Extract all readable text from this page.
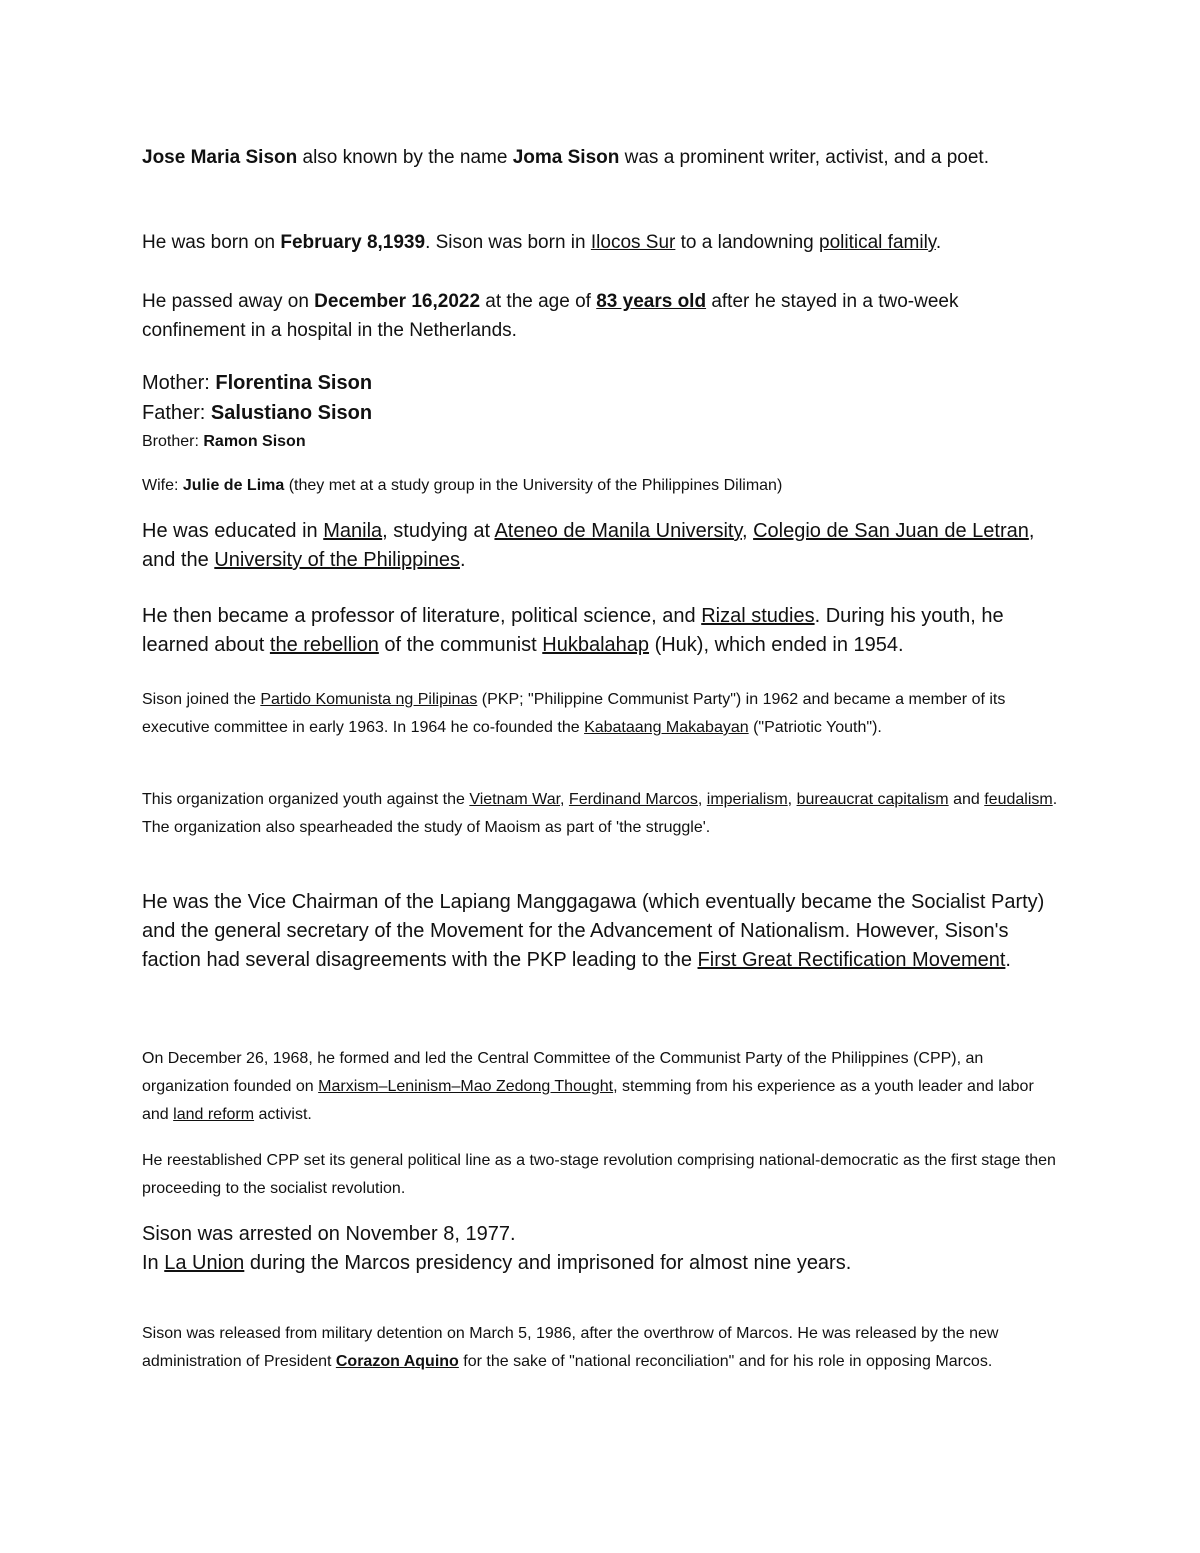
Jose Maria Sison also known by the name Joma Sison was a prominent writer, activist, and a poet.

He was born on February 8,1939. Sison was born in Ilocos Sur to a landowning political family.

He passed away on December 16,2022 at the age of 83 years old after he stayed in a two-week confinement in a hospital in the Netherlands.

Mother: Florentina Sison
Father: Salustiano Sison
Brother: Ramon Sison

Wife: Julie de Lima (they met at a study group in the University of the Philippines Diliman)

He was educated in Manila, studying at Ateneo de Manila University, Colegio de San Juan de Letran, and the University of the Philippines.

He then became a professor of literature, political science, and Rizal studies. During his youth, he learned about the rebellion of the communist Hukbalahap (Huk), which ended in 1954.

Sison joined the Partido Komunista ng Pilipinas (PKP; "Philippine Communist Party") in 1962 and became a member of its executive committee in early 1963. In 1964 he co-founded the Kabataang Makabayan ("Patriotic Youth").

This organization organized youth against the Vietnam War, Ferdinand Marcos, imperialism, bureaucrat capitalism and feudalism. The organization also spearheaded the study of Maoism as part of 'the struggle'.

He was the Vice Chairman of the Lapiang Manggagawa (which eventually became the Socialist Party) and the general secretary of the Movement for the Advancement of Nationalism. However, Sison's faction had several disagreements with the PKP leading to the First Great Rectification Movement.

On December 26, 1968, he formed and led the Central Committee of the Communist Party of the Philippines (CPP), an organization founded on Marxism–Leninism–Mao Zedong Thought, stemming from his experience as a youth leader and labor and land reform activist.

He reestablished CPP set its general political line as a two-stage revolution comprising national-democratic as the first stage then proceeding to the socialist revolution.

Sison was arrested on November 8, 1977.
In La Union during the Marcos presidency and imprisoned for almost nine years.

Sison was released from military detention on March 5, 1986, after the overthrow of Marcos. He was released by the new administration of President Corazon Aquino for the sake of "national reconciliation" and for his role in opposing Marcos.
